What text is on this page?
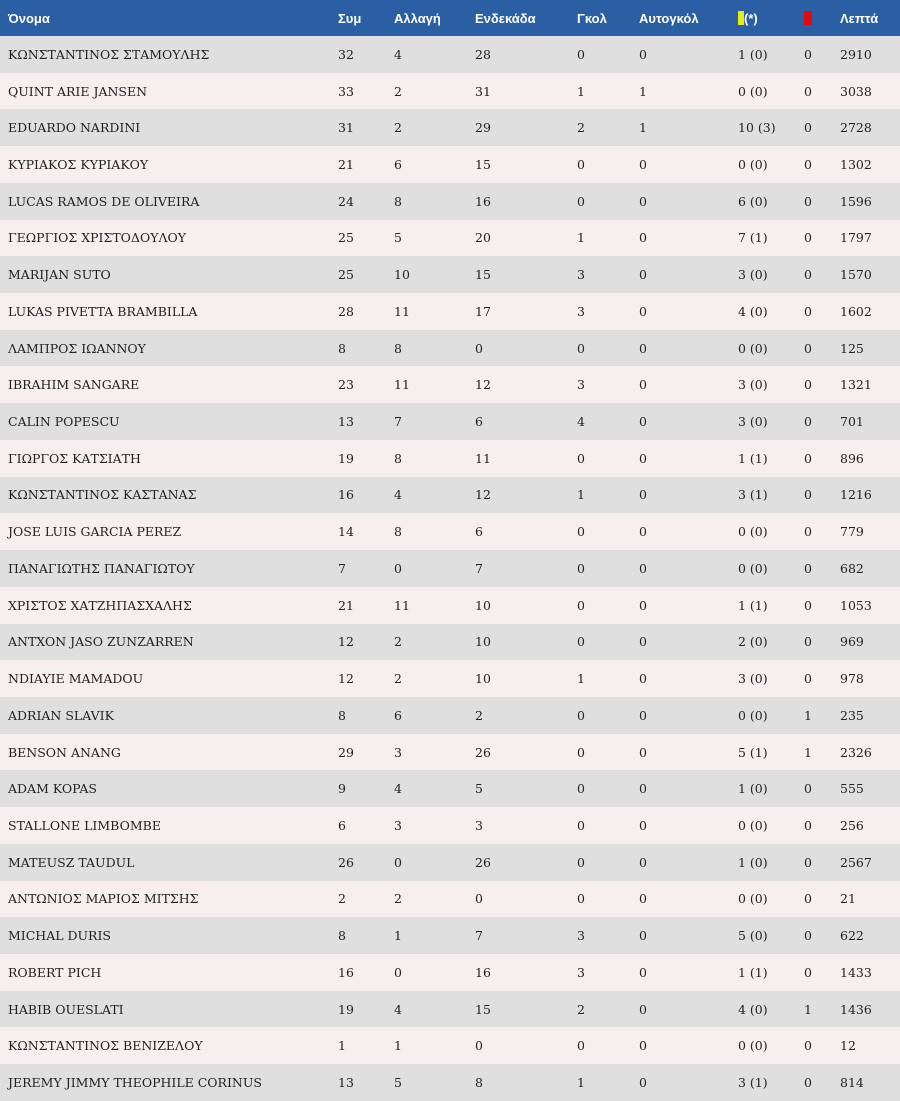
Όνομα	Συμ	Αλλαγή	Ενδεκάδα	Γκολ	Αυτογκόλ	(*)		Λεπτά
ΚΩΝΣΤΑΝΤΙΝΟΣ ΣΤΑΜΟΥΛΗΣ	32	4	28	0	0	1 (0)	0	2910
QUINT ARIE JANSEN	33	2	31	1	1	0 (0)	0	3038
EDUARDO NARDINI	31	2	29	2	1	10 (3)	0	2728
ΚΥΡΙΑΚΟΣ ΚΥΡΙΑΚΟΥ	21	6	15	0	0	0 (0)	0	1302
LUCAS RAMOS DE OLIVEIRA	24	8	16	0	0	6 (0)	0	1596
ΓΕΩΡΓΙΟΣ ΧΡΙΣΤΟΔΟΥΛΟΥ	25	5	20	1	0	7 (1)	0	1797
MARIJAN SUTO	25	10	15	3	0	3 (0)	0	1570
LUKAS PIVETTA BRAMBILLA	28	11	17	3	0	4 (0)	0	1602
ΛΑΜΠΡΟΣ ΙΩΑΝΝΟΥ	8	8	0	0	0	0 (0)	0	125
IBRAHIM SANGARE	23	11	12	3	0	3 (0)	0	1321
CALIN POPESCU	13	7	6	4	0	3 (0)	0	701
ΓΙΩΡΓΟΣ ΚΑΤΣΙΑΤΗ	19	8	11	0	0	1 (1)	0	896
ΚΩΝΣΤΑΝΤΙΝΟΣ ΚΑΣΤΑΝΑΣ	16	4	12	1	0	3 (1)	0	1216
JOSE LUIS GARCIA PEREZ	14	8	6	0	0	0 (0)	0	779
ΠΑΝΑΓΙΩΤΗΣ ΠΑΝΑΓΙΩΤΟΥ	7	0	7	0	0	0 (0)	0	682
ΧΡΙΣΤΟΣ ΧΑΤΖΗΠΑΣΧΑΛΗΣ	21	11	10	0	0	1 (1)	0	1053
ANTXON JASO ZUNZARREN	12	2	10	0	0	2 (0)	0	969
NDIAYIE MAMADOU	12	2	10	1	0	3 (0)	0	978
ADRIAN SLAVIK	8	6	2	0	0	0 (0)	1	235
BENSON ANANG	29	3	26	0	0	5 (1)	1	2326
ADAM KOPAS	9	4	5	0	0	1 (0)	0	555
STALLONE LIMBOMBE	6	3	3	0	0	0 (0)	0	256
MATEUSZ TAUDUL	26	0	26	0	0	1 (0)	0	2567
ΑΝΤΩΝΙΟΣ ΜΑΡΙΟΣ ΜΙΤΣΗΣ	2	2	0	0	0	0 (0)	0	21
MICHAL DURIS	8	1	7	3	0	5 (0)	0	622
ROBERT PICH	16	0	16	3	0	1 (1)	0	1433
HABIB OUESLATI	19	4	15	2	0	4 (0)	1	1436
ΚΩΝΣΤΑΝΤΙΝΟΣ ΒΕΝΙΖΕΛΟΥ	1	1	0	0	0	0 (0)	0	12
JEREMY JIMMY THEOPHILE CORINUS	13	5	8	1	0	3 (1)	0	814
